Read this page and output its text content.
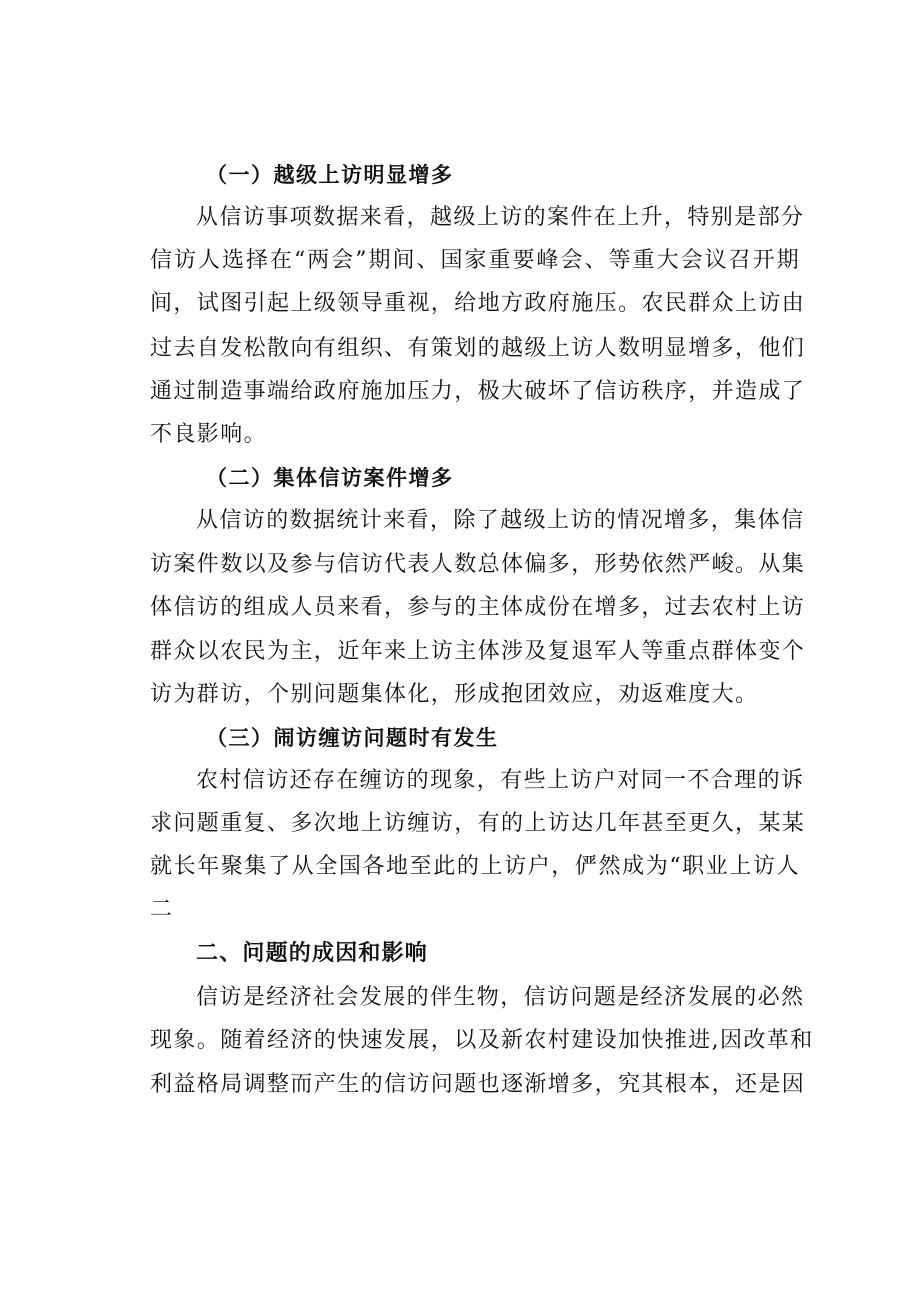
（一）越级上访明显增多
从信访事项数据来看，越级上访的案件在上升，特别是部分
信访人选择在“两会”期间、国家重要峰会、等重大会议召开期
间，试图引起上级领导重视，给地方政府施压。农民群众上访由
过去自发松散向有组织、有策划的越级上访人数明显增多，他们
通过制造事端给政府施加压力，极大破坏了信访秩序，并造成了
不良影响。
（二）集体信访案件增多
从信访的数据统计来看，除了越级上访的情况增多，集体信
访案件数以及参与信访代表人数总体偏多，形势依然严峻。从集
体信访的组成人员来看，参与的主体成份在增多，过去农村上访
群众以农民为主，近年来上访主体涉及复退军人等重点群体变个
访为群访，个别问题集体化，形成抱团效应，劝返难度大。
（三）闹访缠访问题时有发生
农村信访还存在缠访的现象，有些上访户对同一不合理的诉
求问题重复、多次地上访缠访，有的上访达几年甚至更久，某某
就长年聚集了从全国各地至此的上访户，俨然成为“职业上访人
二
二、问题的成因和影响
信访是经济社会发展的伴生物，信访问题是经济发展的必然
现象。随着经济的快速发展，以及新农村建设加快推进,因改革和
利益格局调整而产生的信访问题也逐渐增多，究其根本，还是因
